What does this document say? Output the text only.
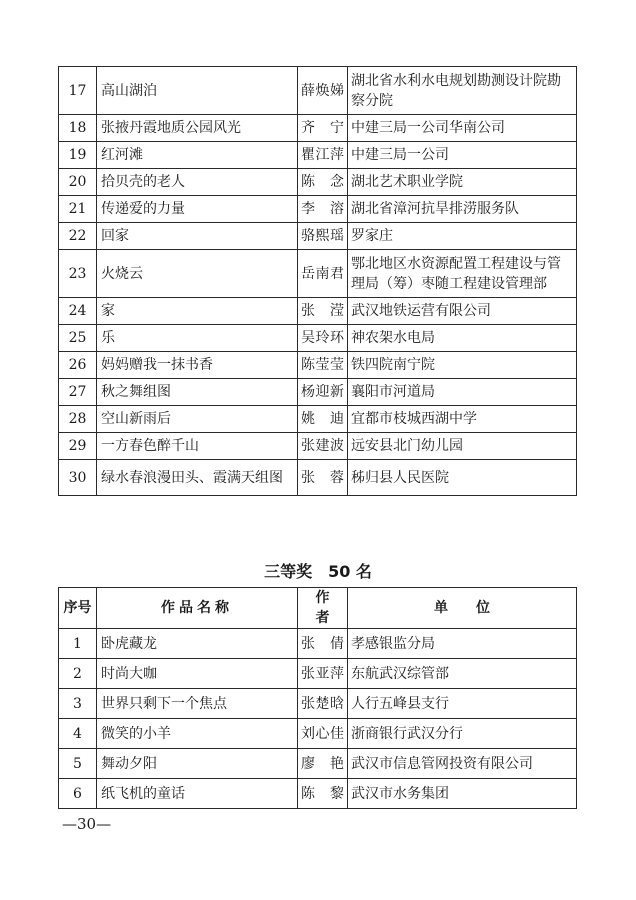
17	高山湖泊	薛焕娣	湖北省水利水电规划勘测设计院勘察分院
18	张掖丹霞地质公园风光	齐　宁	中建三局一公司华南公司
19	红河滩	瞿江萍	中建三局一公司
20	拾贝壳的老人	陈　念	湖北艺术职业学院
21	传递爱的力量	李　溶	湖北省漳河抗旱排涝服务队
22	回家	骆熙瑶	罗家庄
23	火烧云	岳南君	鄂北地区水资源配置工程建设与管理局（筹）枣随工程建设管理部
24	家	张　滢	武汉地铁运营有限公司
25	乐	吴玲环	神农架水电局
26	妈妈赠我一抹书香	陈莹莹	铁四院南宁院
27	秋之舞组图	杨迎新	襄阳市河道局
28	空山新雨后	姚　迪	宜都市枝城西湖中学
29	一方春色醉千山	张建波	远安县北门幼儿园
30	绿水春浪漫田头、霞满天组图	张　蓉	秭归县人民医院
三等奖　50 名
序号	作品名称	作　者	单　　位
1	卧虎藏龙	张　倩	孝感银监分局
2	时尚大咖	张亚萍	东航武汉综管部
3	世界只剩下一个焦点	张楚晗	人行五峰县支行
4	微笑的小羊	刘心佳	浙商银行武汉分行
5	舞动夕阳	廖　艳	武汉市信息管网投资有限公司
6	纸飞机的童话	陈　黎	武汉市水务集团
—30—
